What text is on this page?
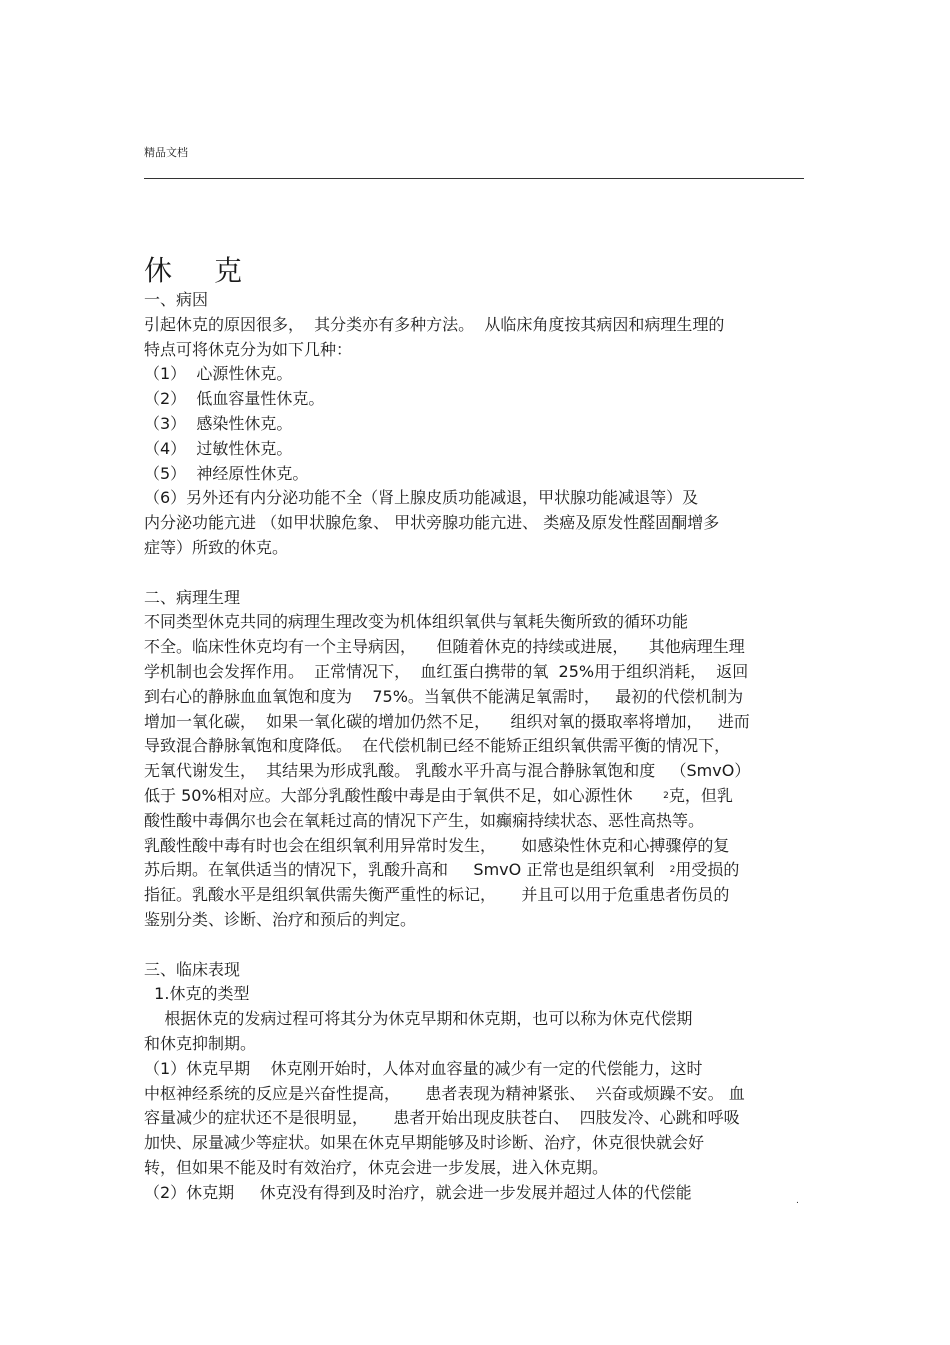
精品文档
休 克
一、病因
引起休克的原因很多，  其分类亦有多种方法。  从临床角度按其病因和病理生理的
特点可将休克分为如下几种：
（1）  心源性休克。
（2）  低血容量性休克。
（3）  感染性休克。
（4）  过敏性休克。
（5）  神经原性休克。
（6）另外还有内分泌功能不全（肾上腺皮质功能减退，甲状腺功能减退等）及
内分泌功能亢进 （如甲状腺危象、 甲状旁腺功能亢进、 类癌及原发性醛固酮增多
症等）所致的休克。
二、病理生理
不同类型休克共同的病理生理改变为机体组织氧供与氧耗失衡所致的循环功能
不全。临床性休克均有一个主导病因，    但随着休克的持续或进展，    其他病理生理
学机制也会发挥作用。  正常情况下，  血红蛋白携带的氧  25%用于组织消耗，  返回
到右心的静脉血血氧饱和度为    75%。当氧供不能满足氧需时，   最初的代偿机制为
增加一氧化碳，  如果一氧化碳的增加仍然不足，    组织对氧的摄取率将增加，   进而
导致混合静脉氧饱和度降低。  在代偿机制已经不能矫正组织氧供需平衡的情况下，
无氧代谢发生，  其结果为形成乳酸。 乳酸水平升高与混合静脉氧饱和度   （SmvO）
低于 50%相对应。大部分乳酸性酸中毒是由于氧供不足，如心源性休	$^2$克，但乳
酸性酸中毒偶尔也会在氧耗过高的情况下产生，如癫痫持续状态、恶性高热等。
乳酸性酸中毒有时也会在组织氧利用异常时发生，     如感染性休克和心搏骤停的复
苏后期。在氧供适当的情况下，乳酸升高和     SmvO 正常也是组织氧利 $^2$用受损的
指征。乳酸水平是组织氧供需失衡严重性的标记，     并且可以用于危重患者伤员的
鉴别分类、诊断、治疗和预后的判定。
三、临床表现
1.休克的类型
根据休克的发病过程可将其分为休克早期和休克期，也可以称为休克代偿期
和休克抑制期。
（1）休克早期    休克刚开始时，人体对血容量的减少有一定的代偿能力，这时
中枢神经系统的反应是兴奋性提高，     患者表现为精神紧张、  兴奋或烦躁不安。 血
容量减少的症状还不是很明显，     患者开始出现皮肤苍白、  四肢发冷、心跳和呼吸
加快、尿量减少等症状。如果在休克早期能够及时诊断、治疗，休克很快就会好
转，但如果不能及时有效治疗，休克会进一步发展，进入休克期。
（2）休克期     休克没有得到及时治疗，就会进一步发展并超过人体的代偿能	.
